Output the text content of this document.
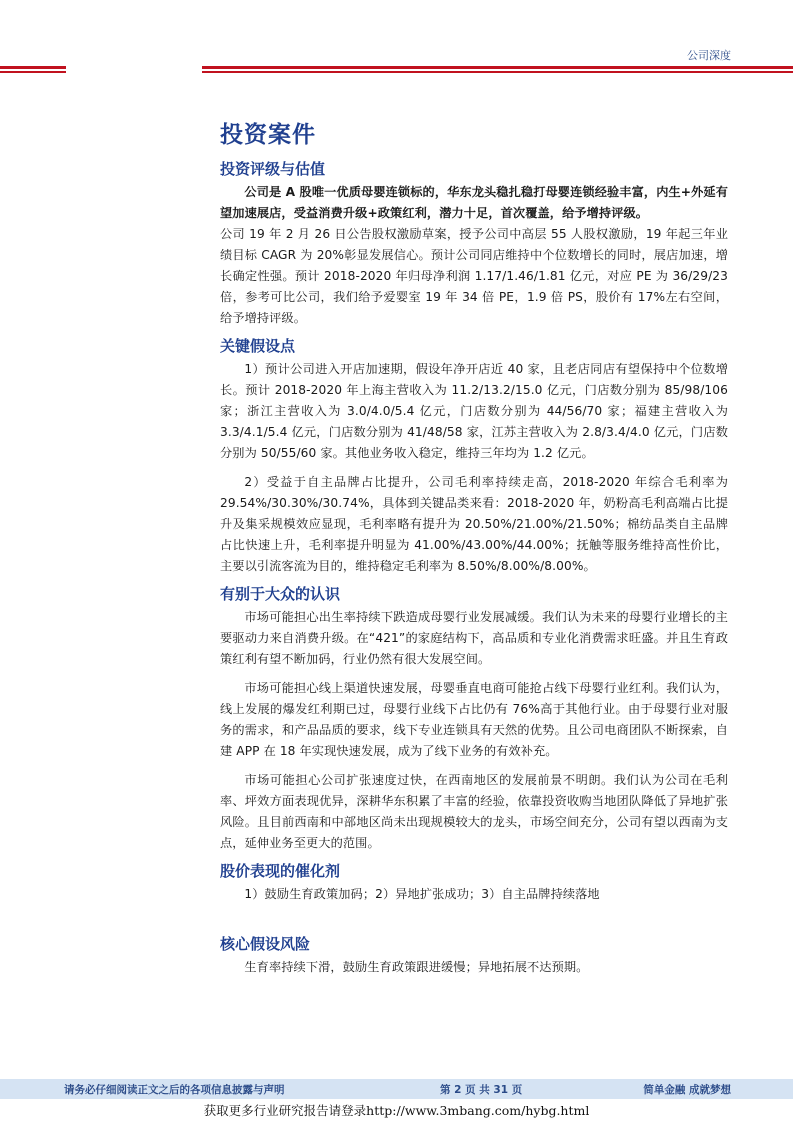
公司深度
投资案件
投资评级与估值

公司是 A 股唯一优质母婴连锁标的，华东龙头稳扎稳打母婴连锁经验丰富，内生+外延有望加速展店，受益消费升级+政策红利，潜力十足，首次覆盖，给予增持评级。

公司 19 年 2 月 26 日公告股权激励草案，授予公司中高层 55 人股权激励，19 年起三年业绩目标 CAGR 为 20%彰显发展信心。预计公司同店维持中个位数增长的同时，展店加速，增长确定性强。预计 2018-2020 年归母净利润 1.17/1.46/1.81 亿元，对应 PE 为 36/29/23 倍，参考可比公司，我们给予爱婴室 19 年 34 倍 PE，1.9 倍 PS，股价有 17%左右空间，给予增持评级。

关键假设点

1）预计公司进入开店加速期，假设年净开店近 40 家，且老店同店有望保持中个位数增长。预计 2018-2020 年上海主营收入为 11.2/13.2/15.0 亿元，门店数分别为 85/98/106 家；浙江主营收入为 3.0/4.0/5.4 亿元，门店数分别为 44/56/70 家；福建主营收入为 3.3/4.1/5.4 亿元，门店数分别为 41/48/58 家，江苏主营收入为 2.8/3.4/4.0 亿元，门店数分别为 50/55/60 家。其他业务收入稳定，维持三年均为 1.2 亿元。

2）受益于自主品牌占比提升，公司毛利率持续走高，2018-2020 年综合毛利率为 29.54%/30.30%/30.74%，具体到关键品类来看：2018-2020 年，奶粉高毛利高端占比提升及集采规模效应显现，毛利率略有提升为 20.50%/21.00%/21.50%；棉纺品类自主品牌占比快速上升，毛利率提升明显为 41.00%/43.00%/44.00%；抚触等服务维持高性价比，主要以引流客流为目的，维持稳定毛利率为 8.50%/8.00%/8.00%。

有别于大众的认识

市场可能担心出生率持续下跌造成母婴行业发展减缓。我们认为未来的母婴行业增长的主要驱动力来自消费升级。在“421”的家庭结构下，高品质和专业化消费需求旺盛。并且生育政策红利有望不断加码，行业仍然有很大发展空间。

市场可能担心线上渠道快速发展，母婴垂直电商可能抢占线下母婴行业红利。我们认为，线上发展的爆发红利期已过，母婴行业线下占比仍有 76%高于其他行业。由于母婴行业对服务的需求，和产品品质的要求，线下专业连锁具有天然的优势。且公司电商团队不断探索，自建 APP 在 18 年实现快速发展，成为了线下业务的有效补充。

市场可能担心公司扩张速度过快，在西南地区的发展前景不明朗。我们认为公司在毛利率、坪效方面表现优异，深耕华东积累了丰富的经验，依靠投资收购当地团队降低了异地扩张风险。且目前西南和中部地区尚未出现规模较大的龙头，市场空间充分，公司有望以西南为支点，延伸业务至更大的范围。

股价表现的催化剂

1）鼓励生育政策加码；2）异地扩张成功；3）自主品牌持续落地

核心假设风险

生育率持续下滑，鼓励生育政策跟进缓慢；异地拓展不达预期。

请务必仔细阅读正文之后的各项信息披露与声明	第 2 页 共 31 页	简单金融 成就梦想
获取更多行业研究报告请登录http://www.3mbang.com/hybg.html
